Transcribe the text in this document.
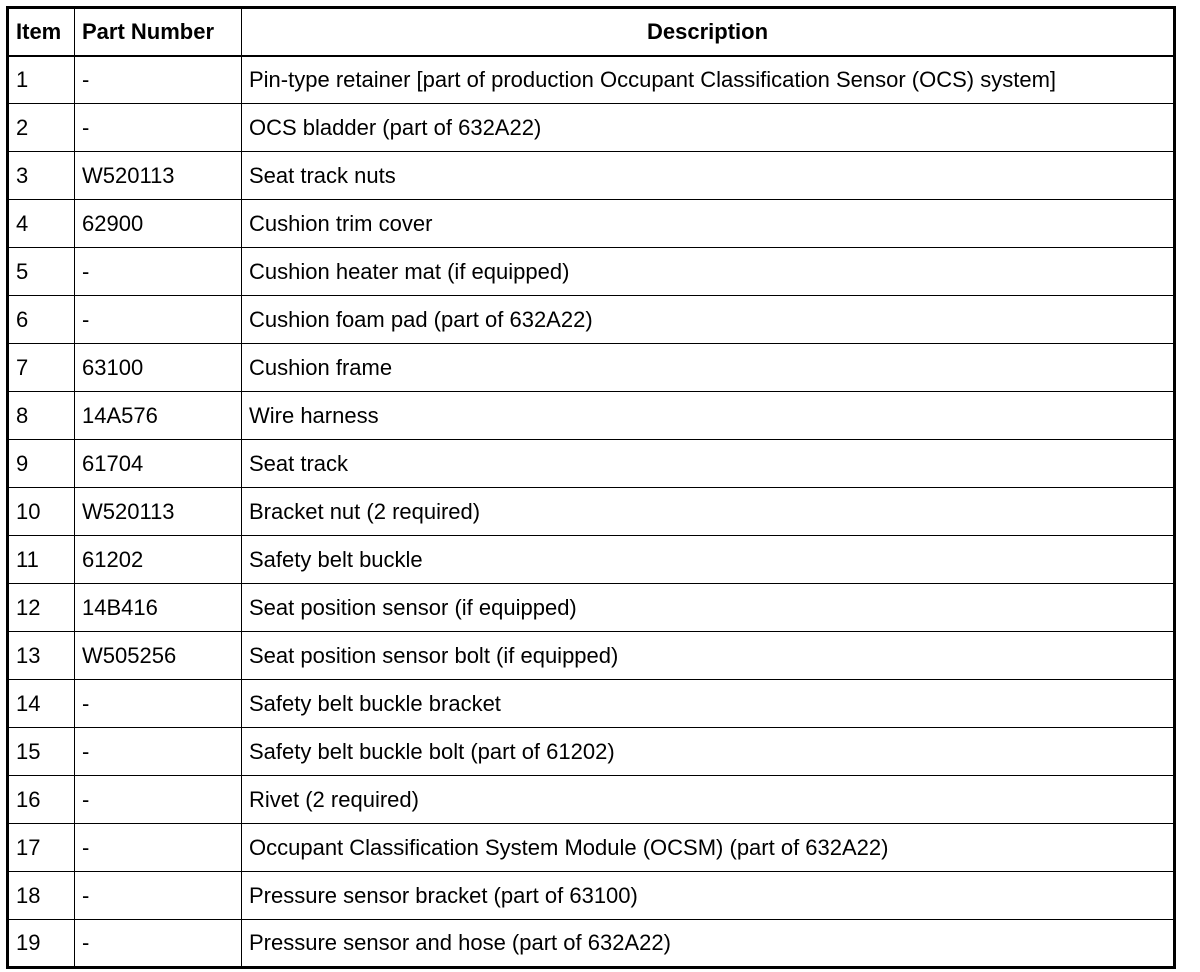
Item	Part Number	Description
1	-	Pin-type retainer [part of production Occupant Classification Sensor (OCS) system]
2	-	OCS bladder (part of 632A22)
3	W520113	Seat track nuts
4	62900	Cushion trim cover
5	-	Cushion heater mat (if equipped)
6	-	Cushion foam pad (part of 632A22)
7	63100	Cushion frame
8	14A576	Wire harness
9	61704	Seat track
10	W520113	Bracket nut (2 required)
11	61202	Safety belt buckle
12	14B416	Seat position sensor (if equipped)
13	W505256	Seat position sensor bolt (if equipped)
14	-	Safety belt buckle bracket
15	-	Safety belt buckle bolt (part of 61202)
16	-	Rivet (2 required)
17	-	Occupant Classification System Module (OCSM) (part of 632A22)
18	-	Pressure sensor bracket (part of 63100)
19	-	Pressure sensor and hose (part of 632A22)
